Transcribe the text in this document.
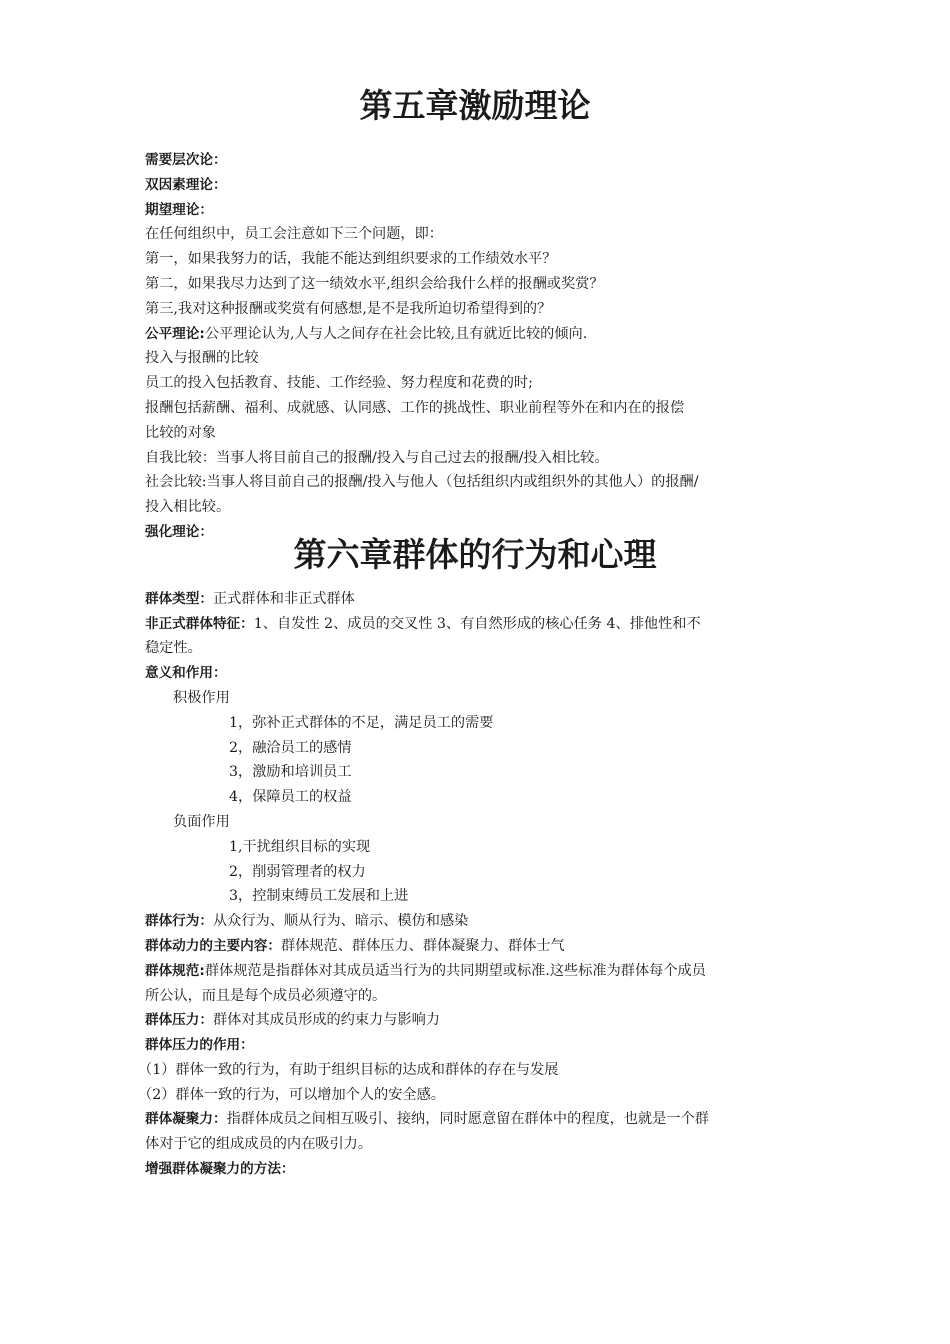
第五章激励理论
需要层次论：
双因素理论：
期望理论：
在任何组织中，员工会注意如下三个问题，即：
第一，如果我努力的话，我能不能达到组织要求的工作绩效水平？
第二，如果我尽力达到了这一绩效水平,组织会给我什么样的报酬或奖赏？
第三,我对这种报酬或奖赏有何感想,是不是我所迫切希望得到的？
公平理论:公平理论认为,人与人之间存在社会比较,且有就近比较的倾向.
投入与报酬的比较
员工的投入包括教育、技能、工作经验、努力程度和花费的时;
报酬包括薪酬、福利、成就感、认同感、工作的挑战性、职业前程等外在和内在的报偿
比较的对象
自我比较：当事人将目前自己的报酬/投入与自己过去的报酬/投入相比较。
社会比较:当事人将目前自己的报酬/投入与他人（包括组织内或组织外的其他人）的报酬/
投入相比较。
强化理论：
第六章群体的行为和心理
群体类型：正式群体和非正式群体
非正式群体特征：1、自发性 2、成员的交叉性 3、有自然形成的核心任务 4、排他性和不
稳定性。
意义和作用：
积极作用
1，弥补正式群体的不足，满足员工的需要
2，融洽员工的感情
3，激励和培训员工
4，保障员工的权益
负面作用
1,干扰组织目标的实现
2，削弱管理者的权力
3，控制束缚员工发展和上进
群体行为：从众行为、顺从行为、暗示、模仿和感染
群体动力的主要内容：群体规范、群体压力、群体凝聚力、群体士气
群体规范:群体规范是指群体对其成员适当行为的共同期望或标准.这些标准为群体每个成员
所公认，而且是每个成员必须遵守的。
群体压力：群体对其成员形成的约束力与影响力
群体压力的作用：
（1）群体一致的行为，有助于组织目标的达成和群体的存在与发展
（2）群体一致的行为，可以增加个人的安全感。
群体凝聚力：指群体成员之间相互吸引、接纳，同时愿意留在群体中的程度，也就是一个群
体对于它的组成成员的内在吸引力。
增强群体凝聚力的方法：
